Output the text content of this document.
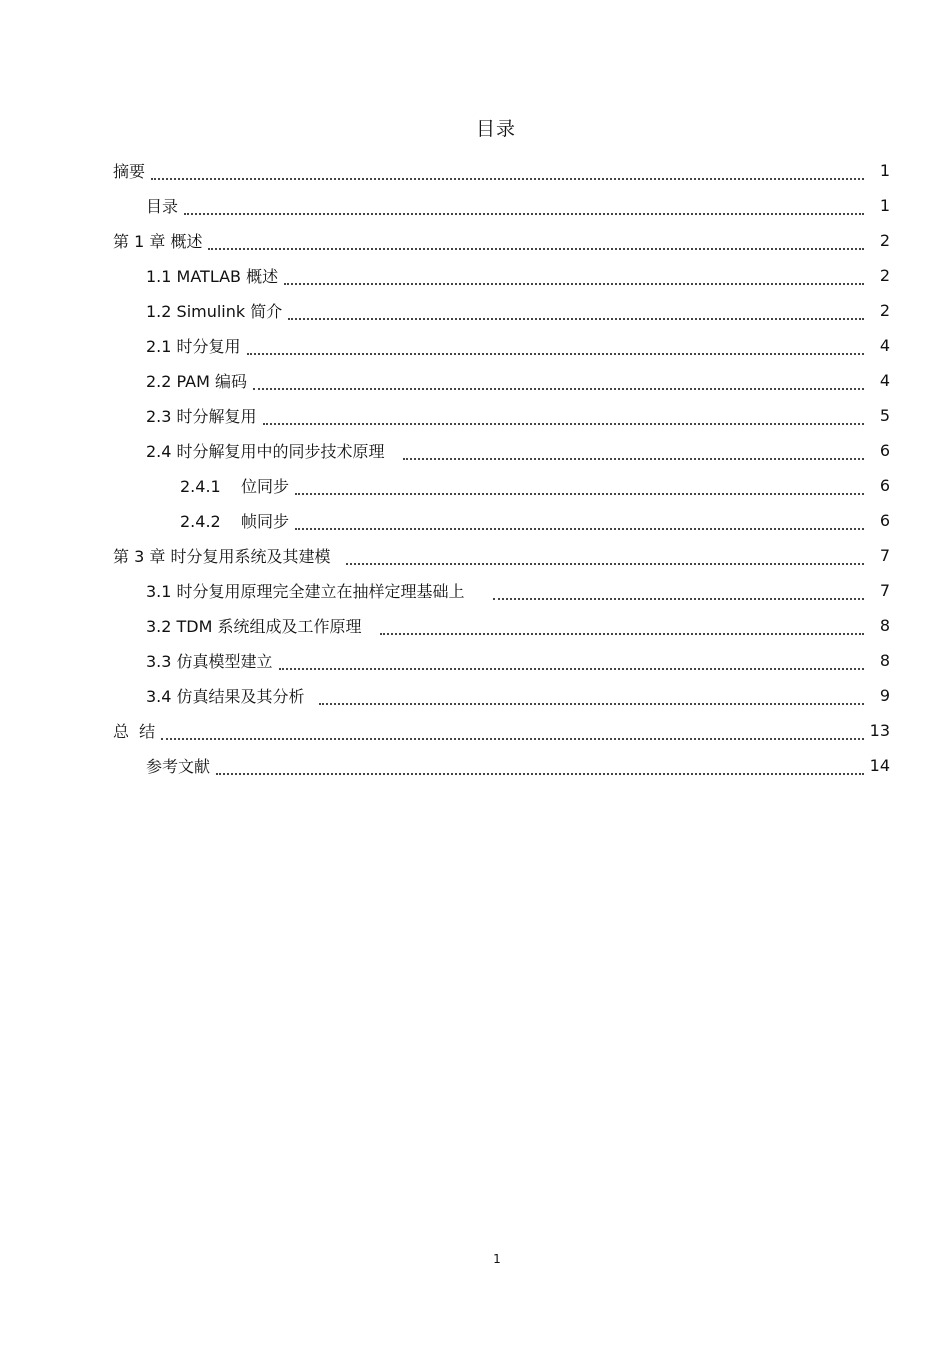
目录
摘要	1
目录	1
第 1 章 概述	2
1.1 MATLAB 概述	2
1.2 Simulink 简介	2
2.1 时分复用	4
2.2 PAM 编码	4
2.3 时分解复用	5
2.4 时分解复用中的同步技术原理	6
2.4.1    位同步	6
2.4.2    帧同步	6
第 3 章 时分复用系统及其建模	7
3.1 时分复用原理完全建立在抽样定理基础上	7
3.2 TDM 系统组成及工作原理	8
3.3 仿真模型建立	8
3.4 仿真结果及其分析	9
总  结	13
参考文献	14
1
